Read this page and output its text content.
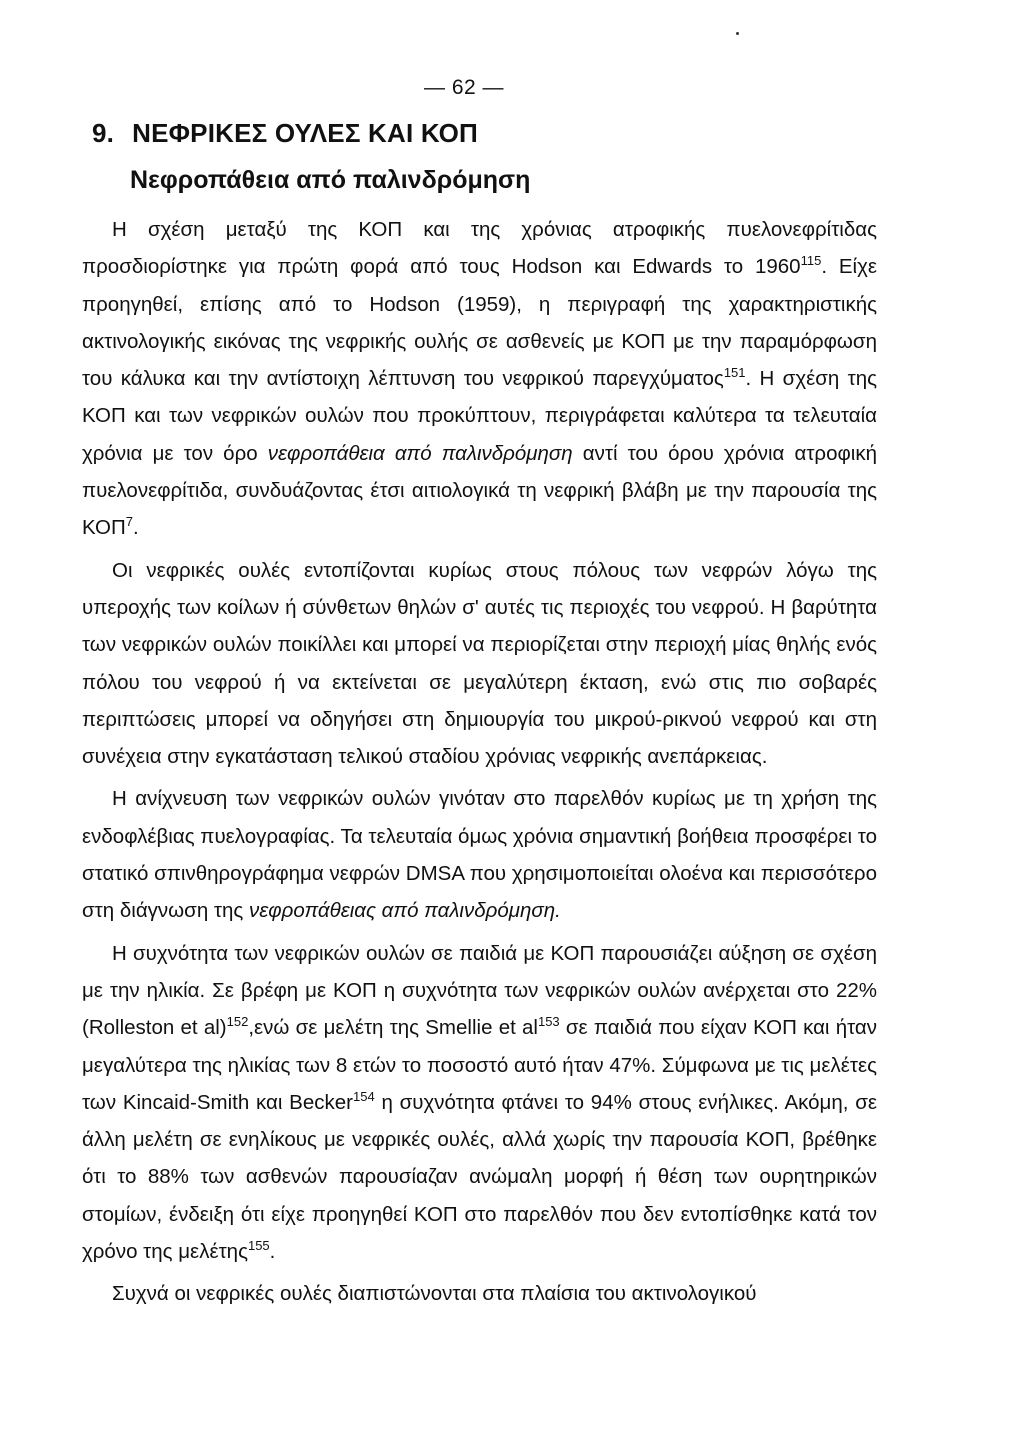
— 62 —
9. ΝΕΦΡΙΚΕΣ ΟΥΛΕΣ ΚΑΙ ΚΟΠ
Νεφροπάθεια από παλινδρόμηση

Η σχέση μεταξύ της ΚΟΠ και της χρόνιας ατροφικής πυελονεφρίτιδας προσδιορίστηκε για πρώτη φορά από τους Hodson και Edwards το 1960$^{115}$. Είχε προηγηθεί, επίσης από το Hodson (1959), η περιγραφή της χαρακτηριστικής ακτινολογικής εικόνας της νεφρικής ουλής σε ασθενείς με ΚΟΠ με την παραμόρφωση του κάλυκα και την αντίστοιχη λέπτυνση του νεφρικού παρεγχύματος$^{151}$. Η σχέση της ΚΟΠ και των νεφρικών ουλών που προκύπτουν, περιγράφεται καλύτερα τα τελευταία χρόνια με τον όρο νεφροπάθεια από παλινδρόμηση αντί του όρου χρόνια ατροφική πυελονεφρίτιδα, συνδυάζοντας έτσι αιτιολογικά τη νεφρική βλάβη με την παρουσία της ΚΟΠ$^7$.

Οι νεφρικές ουλές εντοπίζονται κυρίως στους πόλους των νεφρών λόγω της υπεροχής των κοίλων ή σύνθετων θηλών σ' αυτές τις περιοχές του νεφρού. Η βαρύτητα των νεφρικών ουλών ποικίλλει και μπορεί να περιορίζεται στην περιοχή μίας θηλής ενός πόλου του νεφρού ή να εκτείνεται σε μεγαλύτερη έκταση, ενώ στις πιο σοβαρές περιπτώσεις μπορεί να οδηγήσει στη δημιουργία του μικρού-ρικνού νεφρού και στη συνέχεια στην εγκατάσταση τελικού σταδίου χρόνιας νεφρικής ανεπάρκειας.

Η ανίχνευση των νεφρικών ουλών γινόταν στο παρελθόν κυρίως με τη χρήση της ενδοφλέβιας πυελογραφίας. Τα τελευταία όμως χρόνια σημαντική βοήθεια προσφέρει το στατικό σπινθηρογράφημα νεφρών DMSA που χρησιμοποιείται ολοένα και περισσότερο στη διάγνωση της νεφροπάθειας από παλινδρόμηση.

Η συχνότητα των νεφρικών ουλών σε παιδιά με ΚΟΠ παρουσιάζει αύξηση σε σχέση με την ηλικία. Σε βρέφη με ΚΟΠ η συχνότητα των νεφρικών ουλών ανέρχεται στο 22% (Rolleston et al)$^{152}$,ενώ σε μελέτη της Smellie et $al^{153}$ σε παιδιά που είχαν ΚΟΠ και ήταν μεγαλύτερα της ηλικίας των 8 ετών το ποσοστό αυτό ήταν 47%. Σύμφωνα με τις μελέτες των Kincaid-Smith και Becker$^{154}$ η συχνότητα φτάνει το 94% στους ενήλικες. Ακόμη, σε άλλη μελέτη σε ενηλίκους με νεφρικές ουλές, αλλά χωρίς την παρουσία ΚΟΠ, βρέθηκε ότι το 88% των ασθενών παρουσίαζαν ανώμαλη μορφή ή θέση των ουρητηρικών στομίων, ένδειξη ότι είχε προηγηθεί ΚΟΠ στο παρελθόν που δεν εντοπίσθηκε κατά τον χρόνο της μελέτης$^{155}$.

Συχνά οι νεφρικές ουλές διαπιστώνονται στα πλαίσια του ακτινολογικού
